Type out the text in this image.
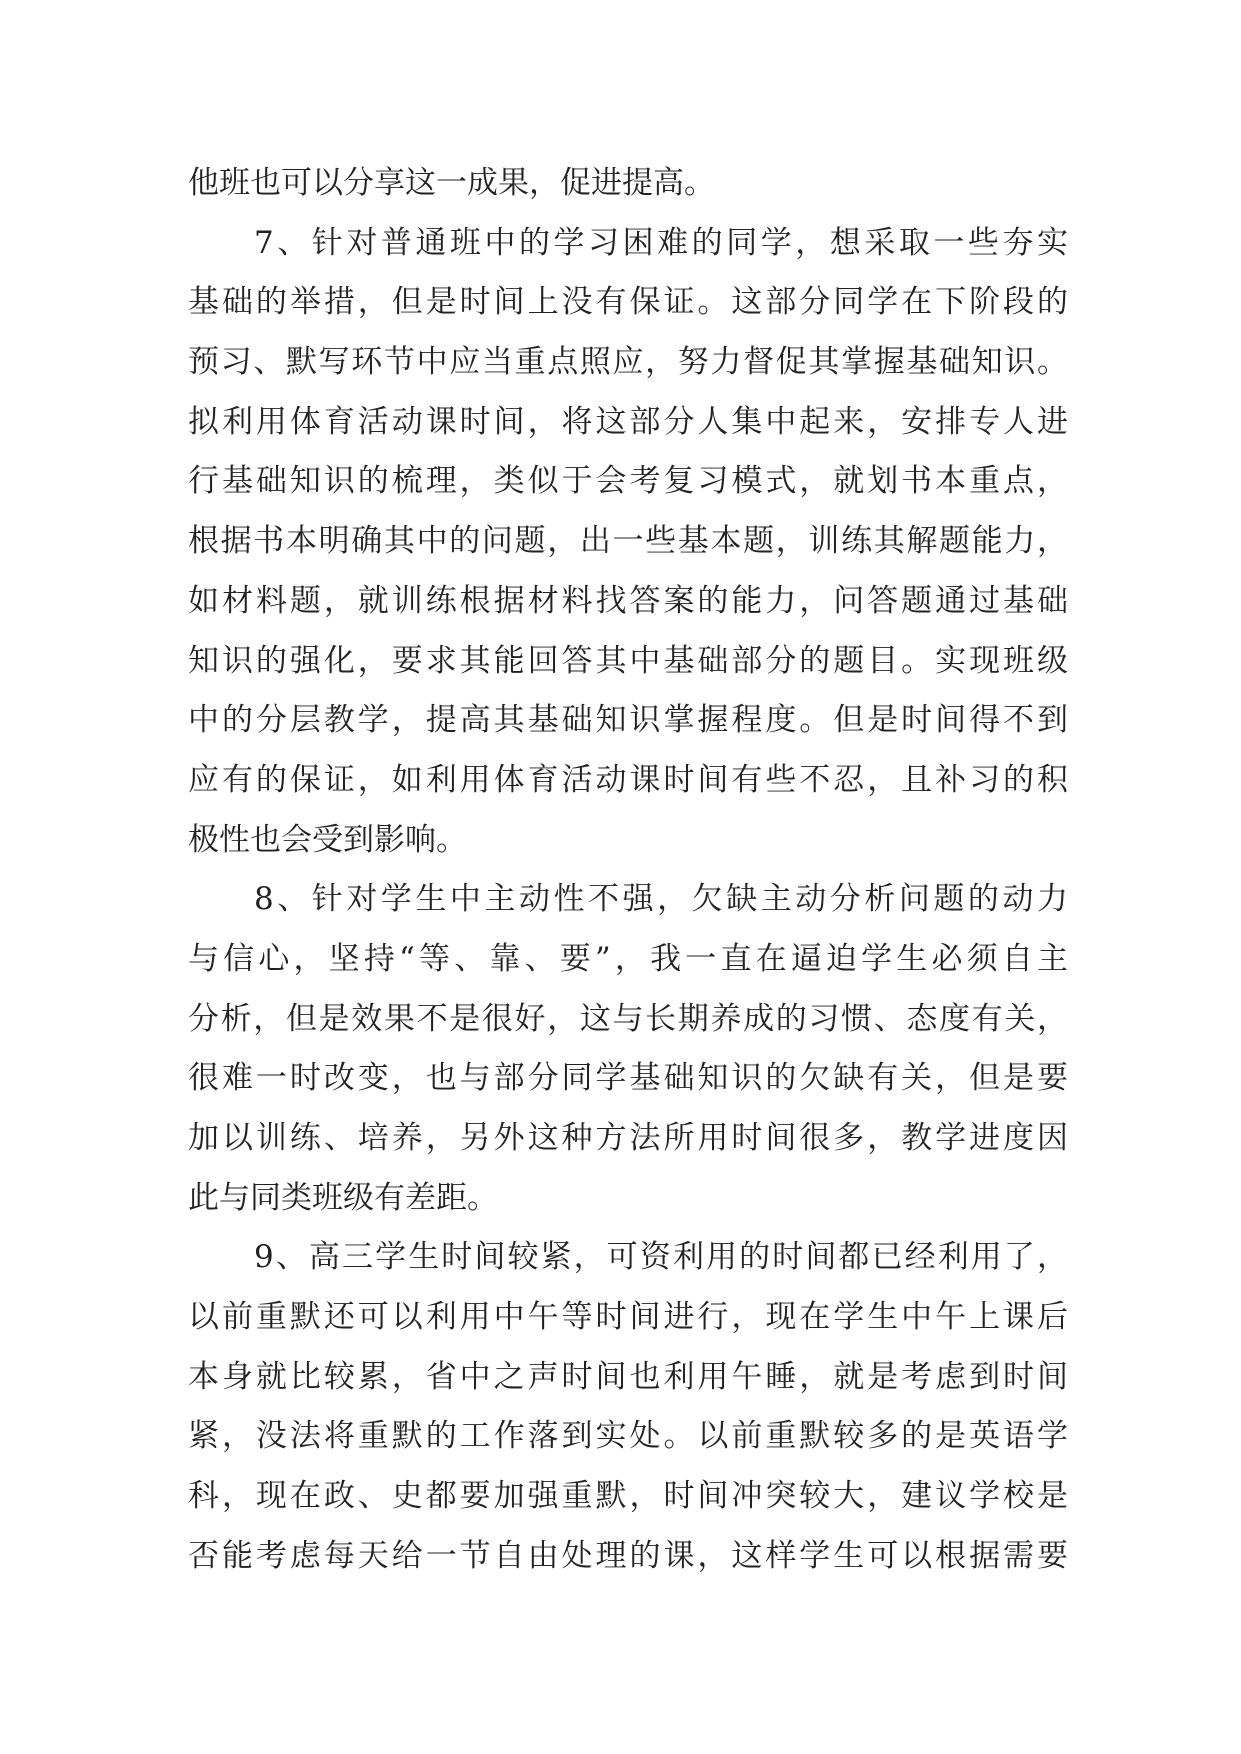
他班也可以分享这一成果，促进提高。
7、针对普通班中的学习困难的同学，想采取一些夯实
基础的举措，但是时间上没有保证。这部分同学在下阶段的
预习、默写环节中应当重点照应，努力督促其掌握基础知识。
拟利用体育活动课时间，将这部分人集中起来，安排专人进
行基础知识的梳理，类似于会考复习模式，就划书本重点，
根据书本明确其中的问题，出一些基本题，训练其解题能力，
如材料题，就训练根据材料找答案的能力，问答题通过基础
知识的强化，要求其能回答其中基础部分的题目。实现班级
中的分层教学，提高其基础知识掌握程度。但是时间得不到
应有的保证，如利用体育活动课时间有些不忍，且补习的积
极性也会受到影响。
8、针对学生中主动性不强，欠缺主动分析问题的动力
与信心，坚持“等、靠、要”，我一直在逼迫学生必须自主
分析，但是效果不是很好，这与长期养成的习惯、态度有关，
很难一时改变，也与部分同学基础知识的欠缺有关，但是要
加以训练、培养，另外这种方法所用时间很多，教学进度因
此与同类班级有差距。
9、高三学生时间较紧，可资利用的时间都已经利用了，
以前重默还可以利用中午等时间进行，现在学生中午上课后
本身就比较累，省中之声时间也利用午睡，就是考虑到时间
紧，没法将重默的工作落到实处。以前重默较多的是英语学
科，现在政、史都要加强重默，时间冲突较大，建议学校是
否能考虑每天给一节自由处理的课，这样学生可以根据需要
